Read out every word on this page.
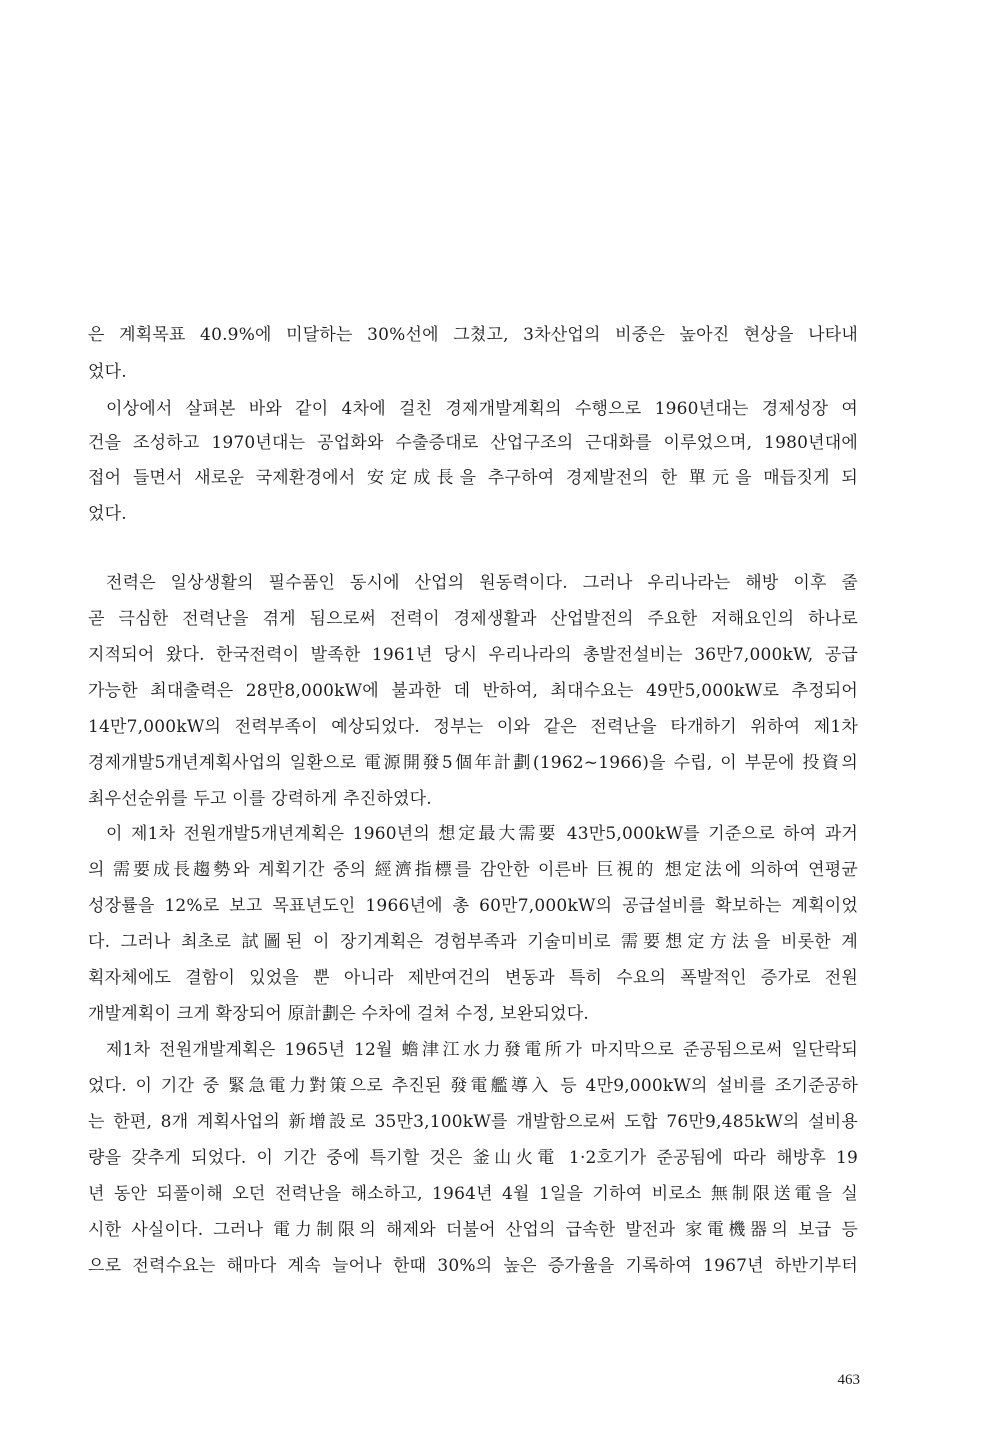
은 계획목표 40.9%에 미달하는 30%선에 그쳤고, 3차산업의 비중은 높아진 현상을 나타내
었다.
이상에서 살펴본 바와 같이 4차에 걸친 경제개발계획의 수행으로 1960년대는 경제성장 여
건을 조성하고 1970년대는 공업화와 수출증대로 산업구조의 근대화를 이루었으며, 1980년대에
접어 들면서 새로운 국제환경에서 安定成長을 추구하여 경제발전의 한 單元을 매듭짓게 되
었다.
전력은 일상생활의 필수품인 동시에 산업의 원동력이다. 그러나 우리나라는 해방 이후 줄
곧 극심한 전력난을 겪게 됨으로써 전력이 경제생활과 산업발전의 주요한 저해요인의 하나로
지적되어 왔다. 한국전력이 발족한 1961년 당시 우리나라의 총발전설비는 36만7,000kW, 공급
가능한 최대출력은 28만8,000kW에 불과한 데 반하여, 최대수요는 49만5,000kW로 추정되어
14만7,000kW의 전력부족이 예상되었다. 정부는 이와 같은 전력난을 타개하기 위하여 제1차
경제개발5개년계획사업의 일환으로 電源開發5個年計劃(1962~1966)을 수립, 이 부문에 投資의
최우선순위를 두고 이를 강력하게 추진하였다.
이 제1차 전원개발5개년계획은 1960년의 想定最大需要 43만5,000kW를 기준으로 하여 과거
의 需要成長趨勢와 계획기간 중의 經濟指標를 감안한 이른바 巨視的 想定法에 의하여 연평균
성장률을 12%로 보고 목표년도인 1966년에 총 60만7,000kW의 공급설비를 확보하는 계획이었
다. 그러나 최초로 試圖된 이 장기계획은 경험부족과 기술미비로 需要想定方法을 비롯한 계
획자체에도 결함이 있었을 뿐 아니라 제반여건의 변동과 특히 수요의 폭발적인 증가로 전원
개발계획이 크게 확장되어 原計劃은 수차에 걸쳐 수정, 보완되었다.
제1차 전원개발계획은 1965년 12월 蟾津江水力發電所가 마지막으로 준공됨으로써 일단락되
었다. 이 기간 중 緊急電力對策으로 추진된 發電艦導入 등 4만9,000kW의 설비를 조기준공하
는 한편, 8개 계획사업의 新增設로 35만3,100kW를 개발함으로써 도합 76만9,485kW의 설비용
량을 갖추게 되었다. 이 기간 중에 특기할 것은 釜山火電 1·2호기가 준공됨에 따라 해방후 19
년 동안 되풀이해 오던 전력난을 해소하고, 1964년 4월 1일을 기하여 비로소 無制限送電을 실
시한 사실이다. 그러나 電力制限의 해제와 더불어 산업의 급속한 발전과 家電機器의 보급 등
으로 전력수요는 해마다 계속 늘어나 한때 30%의 높은 증가율을 기록하여 1967년 하반기부터
463
